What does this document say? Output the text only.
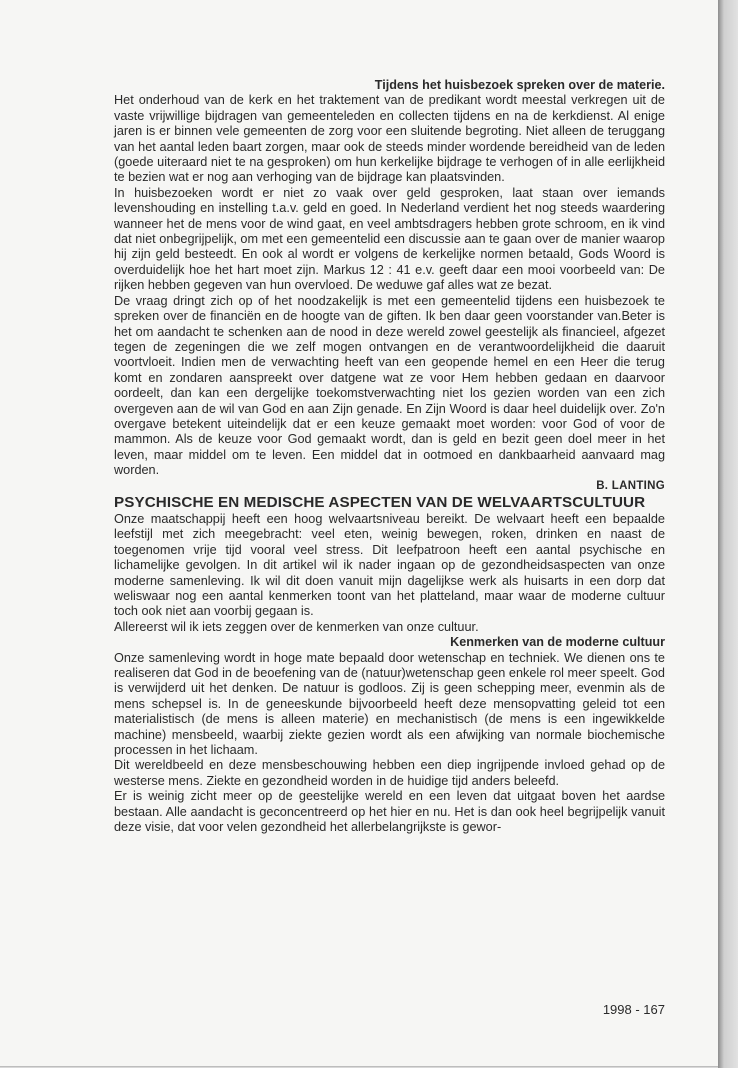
Tijdens het huisbezoek spreken over de materie.

Het onderhoud van de kerk en het traktement van de predikant wordt meestal verkregen uit de vaste vrijwillige bijdragen van gemeenteleden en collecten tijdens en na de kerkdienst. Al enige jaren is er binnen vele gemeenten de zorg voor een sluitende begroting. Niet alleen de teruggang van het aantal leden baart zorgen, maar ook de steeds minder wordende bereidheid van de leden (goede uiteraard niet te na gesproken) om hun kerkelijke bijdrage te verhogen of in alle eerlijkheid te bezien wat er nog aan verhoging van de bijdrage kan plaatsvinden.

In huisbezoeken wordt er niet zo vaak over geld gesproken, laat staan over iemands levenshouding en instelling t.a.v. geld en goed. In Nederland verdient het nog steeds waardering wanneer het de mens voor de wind gaat, en veel ambtsdragers hebben grote schroom, en ik vind dat niet onbegrijpelijk, om met een gemeentelid een discussie aan te gaan over de manier waarop hij zijn geld besteedt. En ook al wordt er volgens de kerkelijke normen betaald, Gods Woord is overduidelijk hoe het hart moet zijn. Markus 12 : 41 e.v. geeft daar een mooi voorbeeld van: De rijken hebben gegeven van hun overvloed. De weduwe gaf alles wat ze bezat.

De vraag dringt zich op of het noodzakelijk is met een gemeentelid tijdens een huisbezoek te spreken over de financiën en de hoogte van de giften. Ik ben daar geen voorstander van.Beter is het om aandacht te schenken aan de nood in deze wereld zowel geestelijk als financieel, afgezet tegen de zegeningen die we zelf mogen ontvangen en de verantwoordelijkheid die daaruit voortvloeit. Indien men de verwachting heeft van een geopende hemel en een Heer die terug komt en zondaren aanspreekt over datgene wat ze voor Hem hebben gedaan en daarvoor oordeelt, dan kan een dergelijke toekomstverwachting niet los gezien worden van een zich overgeven aan de wil van God en aan Zijn genade. En Zijn Woord is daar heel duidelijk over. Zo'n overgave betekent uiteindelijk dat er een keuze gemaakt moet worden: voor God of voor de mammon. Als de keuze voor God gemaakt wordt, dan is geld en bezit geen doel meer in het leven, maar middel om te leven. Een middel dat in ootmoed en dankbaarheid aanvaard mag worden.

B. LANTING

PSYCHISCHE EN MEDISCHE ASPECTEN VAN DE WELVAARTSCULTUUR

Onze maatschappij heeft een hoog welvaartsniveau bereikt. De welvaart heeft een bepaalde leefstijl met zich meegebracht: veel eten, weinig bewegen, roken, drinken en naast de toegenomen vrije tijd vooral veel stress. Dit leefpatroon heeft een aantal psychische en lichamelijke gevolgen. In dit artikel wil ik nader ingaan op de gezondheidsaspecten van onze moderne samenleving. Ik wil dit doen vanuit mijn dagelijkse werk als huisarts in een dorp dat weliswaar nog een aantal kenmerken toont van het platteland, maar waar de moderne cultuur toch ook niet aan voorbij gegaan is.

Allereerst wil ik iets zeggen over de kenmerken van onze cultuur.

Kenmerken van de moderne cultuur

Onze samenleving wordt in hoge mate bepaald door wetenschap en techniek. We dienen ons te realiseren dat God in de beoefening van de (natuur)wetenschap geen enkele rol meer speelt. God is verwijderd uit het denken. De natuur is godloos. Zij is geen schepping meer, evenmin als de mens schepsel is. In de geneeskunde bijvoorbeeld heeft deze mensopvatting geleid tot een materialistisch (de mens is alleen materie) en mechanistisch (de mens is een ingewikkelde machine) mensbeeld, waarbij ziekte gezien wordt als een afwijking van normale biochemische processen in het lichaam.

Dit wereldbeeld en deze mensbeschouwing hebben een diep ingrijpende invloed gehad op de westerse mens. Ziekte en gezondheid worden in de huidige tijd anders beleefd.

Er is weinig zicht meer op de geestelijke wereld en een leven dat uitgaat boven het aardse bestaan. Alle aandacht is geconcentreerd op het hier en nu. Het is dan ook heel begrijpelijk vanuit deze visie, dat voor velen gezondheid het allerbelangrijkste is gewor-

1998 - 167
